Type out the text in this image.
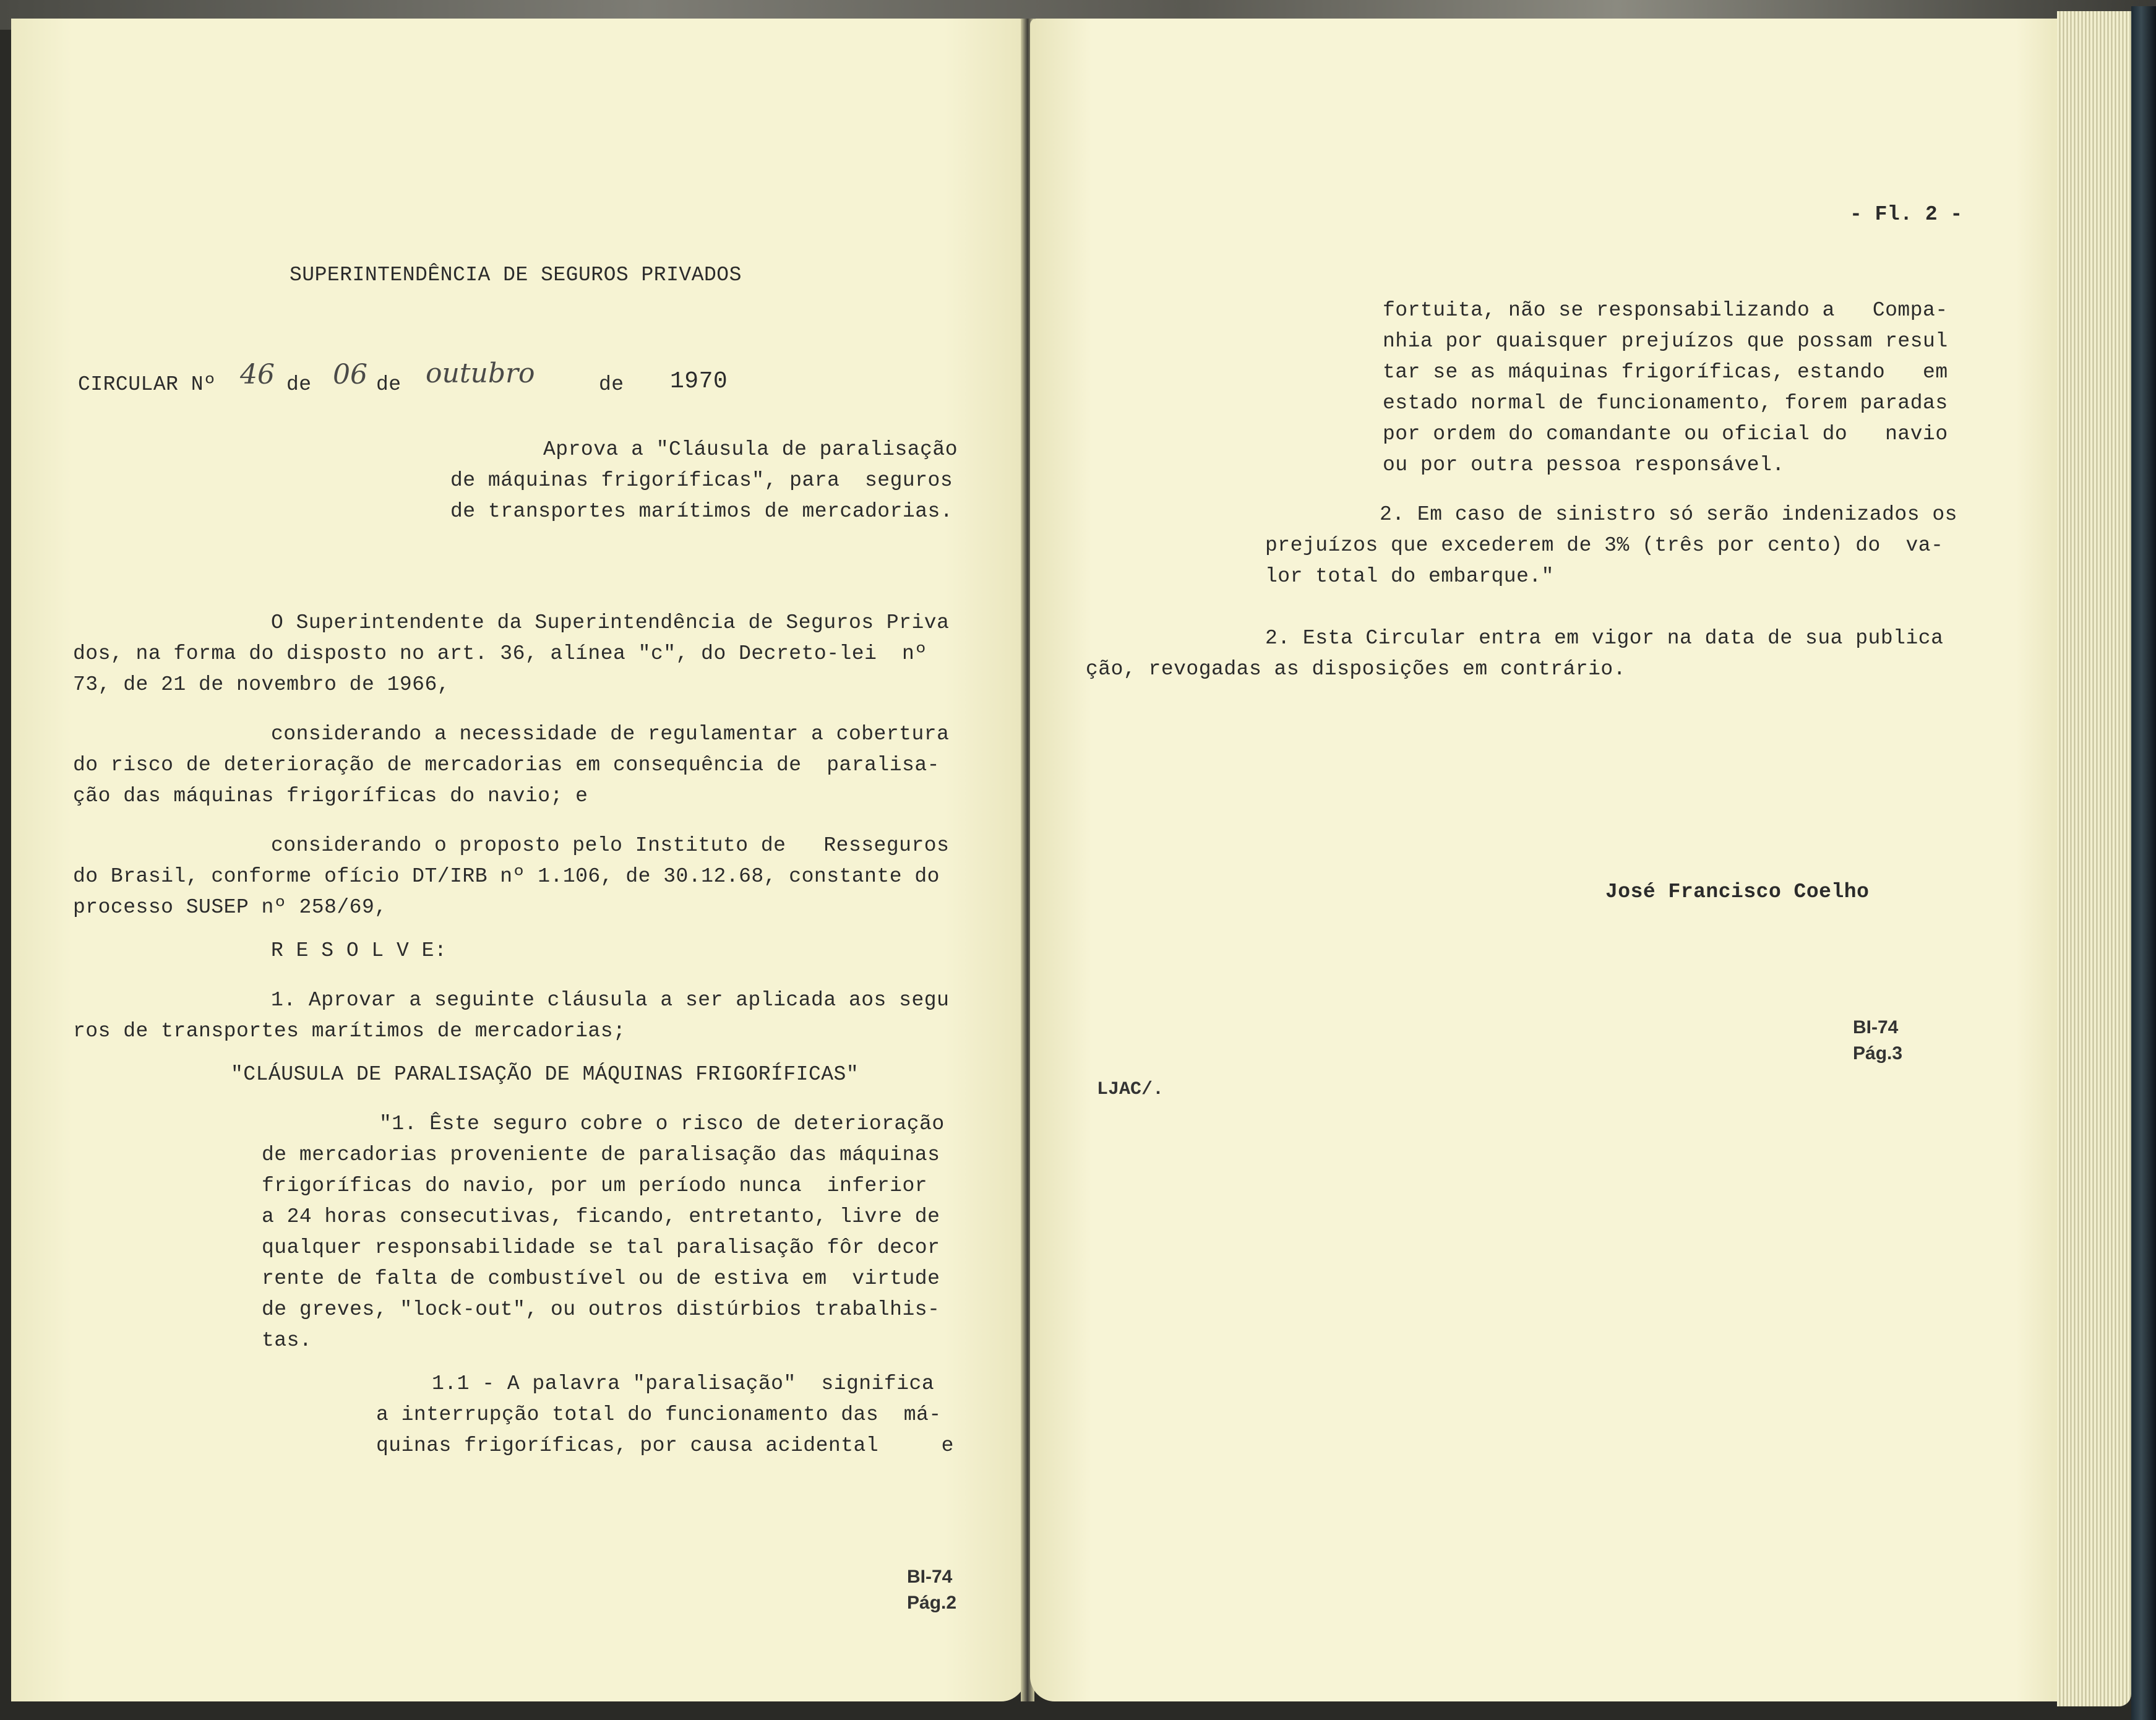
SUPERINTENDÊNCIA DE SEGUROS PRIVADOS
CIRCULAR Nº 46 de 06 de outubro	de 1970
Aprova a "Cláusula de paralisação
de máquinas frigoríficas", para  seguros
de transportes marítimos de mercadorias.
O Superintendente da Superintendência de Seguros Priva
dos, na forma do disposto no art. 36, alínea "c", do Decreto-lei  nº
73, de 21 de novembro de 1966,
considerando a necessidade de regulamentar a cobertura
do risco de deterioração de mercadorias em consequência de  paralisa-
ção das máquinas frigoríficas do navio; e
considerando o proposto pelo Instituto de   Resseguros
do Brasil, conforme ofício DT/IRB nº 1.106, de 30.12.68, constante do
processo SUSEP nº 258/69,
R E S O L V E:
1. Aprovar a seguinte cláusula a ser aplicada aos segu
ros de transportes marítimos de mercadorias;
"CLÁUSULA DE PARALISAÇÃO DE MÁQUINAS FRIGORÍFICAS"
"1. Êste seguro cobre o risco de deterioração
de mercadorias proveniente de paralisação das máquinas
frigoríficas do navio, por um período nunca  inferior
a 24 horas consecutivas, ficando, entretanto, livre de
qualquer responsabilidade se tal paralisação fôr decor
rente de falta de combustível ou de estiva em  virtude
de greves, "lock-out", ou outros distúrbios trabalhis-
tas.
1.1 - A palavra "paralisação"  significa
a interrupção total do funcionamento das  má-
quinas frigoríficas, por causa acidental     e
BI-74
Pág.2
- Fl. 2 -
fortuita, não se responsabilizando a   Compa-
nhia por quaisquer prejuízos que possam resul
tar se as máquinas frigoríficas, estando   em
estado normal de funcionamento, forem paradas
por ordem do comandante ou oficial do   navio
ou por outra pessoa responsável.
2. Em caso de sinistro só serão indenizados os
prejuízos que excederem de 3% (três por cento) do  va-
lor total do embarque."
2. Esta Circular entra em vigor na data de sua publica
ção, revogadas as disposições em contrário.
José Francisco Coelho
BI-74
Pág.3
LJAC/.
